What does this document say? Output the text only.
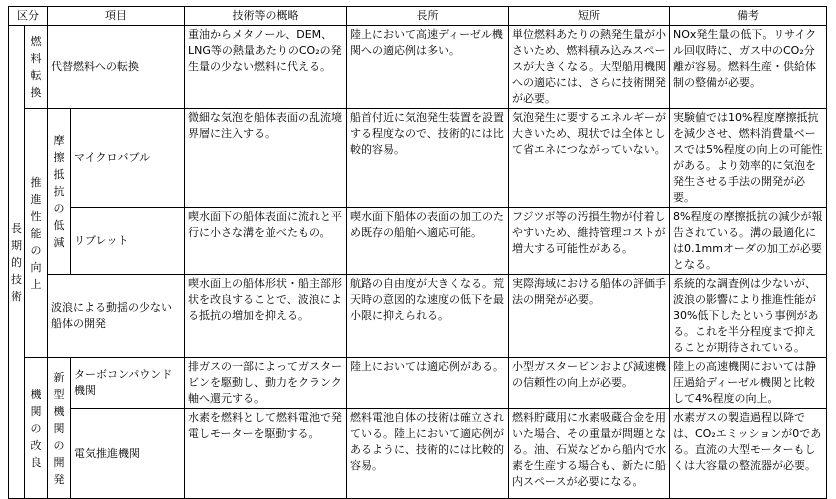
区分		項目		技術等の概略	長所	短所	備考

長期的技術	燃料転換	代替燃料への転換		重油からメタノール、DEM、LNG等の熱量あたりのCO₂の発生量の少ない燃料に代える。	陸上において高速ディーゼル機関への適応例は多い。	単位燃料あたりの熱発生量が小さいため、燃料積み込みスペースが大きくなる。大型船用機関への適応には、さらに技術開発が必要。	NOx発生量の低下。リサイクル回収時に、ガス中のCO₂分離が容易。燃料生産・供給体制の整備が必要。

	推進性能の向上	摩擦抵抗の低減	マイクロバブル	微細な気泡を船体表面の乱流境界層に注入する。	船首付近に気泡発生装置を設置する程度なので、技術的には比較的容易。	気泡発生に要するエネルギーが大きいため、現状では全体として省エネにつながっていない。	実験値では10%程度摩擦抵抗を減少させ、燃料消費量ベースでは5%程度の向上の可能性がある。より効率的に気泡を発生させる手法の開発が必要。
			リブレット	喫水面下の船体表面に流れと平行に小さな溝を並べたもの。	喫水面下船体の表面の加工のため既存の船舶へ適応可能。	フジツボ等の汚損生物が付着しやすいため、維持管理コストが増大する可能性がある。	8%程度の摩擦抵抗の減少が報告されている。溝の最適化には0.1mmオーダの加工が必要となる。
		波浪による動揺の少ない船体の開発		喫水面上の船体形状・船主部形状を改良することで、波浪による抵抗の増加を抑える。	航路の自由度が大きくなる。荒天時の意図的な速度の低下を最小限に抑えられる。	実際海域における船体の評価手法の開発が必要。	系統的な調査例は少ないが、波浪の影響により推進性能が30%低下したという事例がある。これを半分程度まで抑えることが期待されている。

	機関の改良	新型機関の開発	ターボコンパウンド機関	排ガスの一部によってガスタービンを駆動し、動力をクランク軸へ還元する。	陸上においては適応例がある。	小型ガスタービンおよび減速機の信頼性の向上が必要。	陸上の高速機関においては静圧過給ディーゼル機関と比較して4%程度の向上。
			電気推進機関	水素を燃料として燃料電池で発電しモーターを駆動する。	燃料電池自体の技術は確立されている。陸上において適応例があるように、技術的には比較的容易。	燃料貯蔵用に水素吸蔵合金を用いた場合、その重量が問題となる。油、石炭などから船内で水素を生産する場合も、新たに船内スペースが必要になる。	水素ガスの製造過程以降では、CO₂エミッションが0である。直流の大型モーターもしくは大容量の整流器が必要。
